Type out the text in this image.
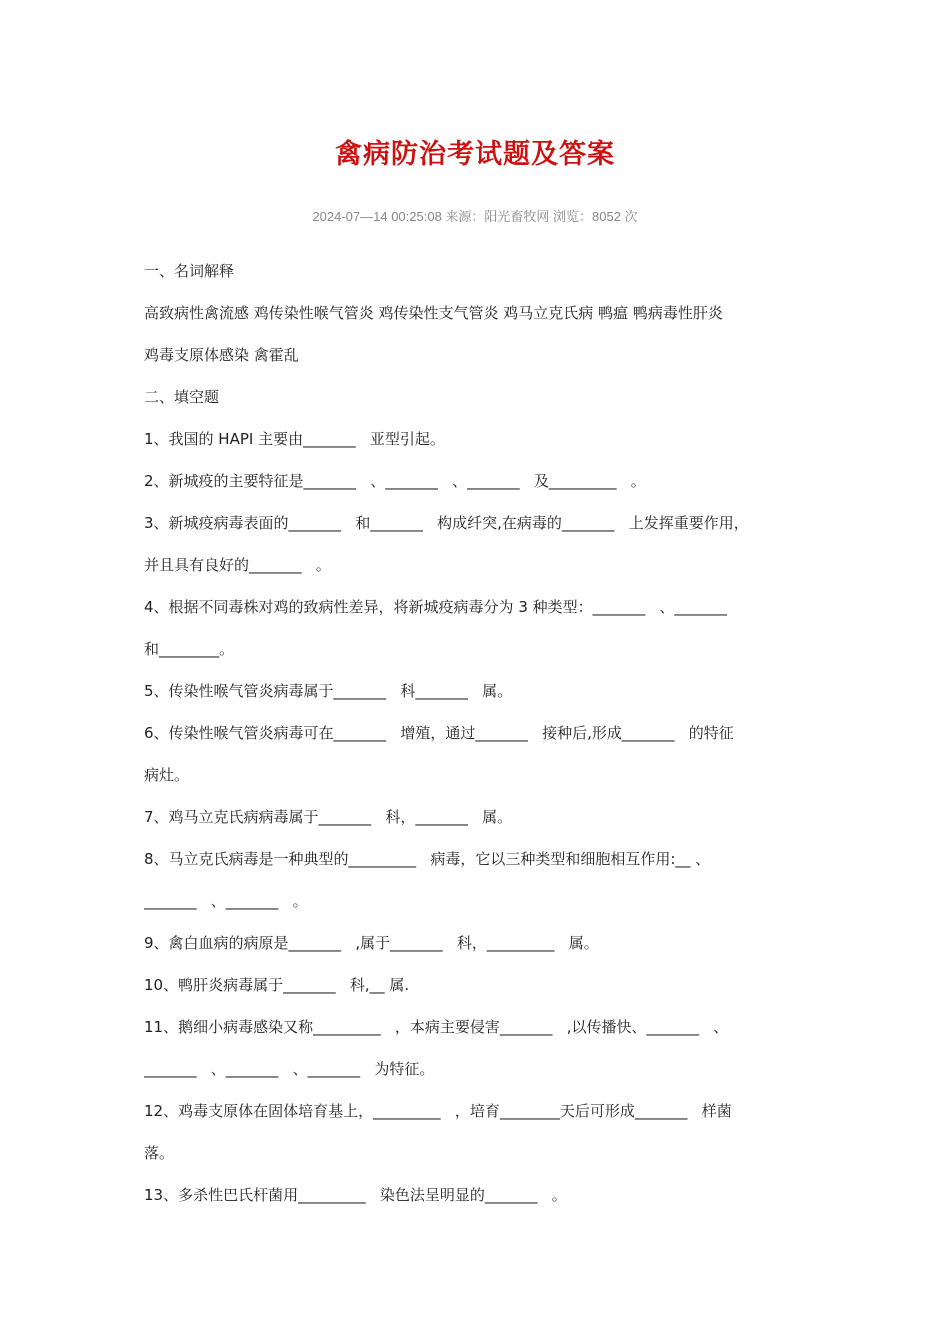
禽病防治考试题及答案
2024-07—14 00:25:08 来源：阳光畜牧网 浏览：8052 次
一、名词解释
高致病性禽流感 鸡传染性喉气管炎 鸡传染性支气管炎 鸡马立克氏病 鸭瘟 鸭病毒性肝炎
鸡毒支原体感染 禽霍乱
二、填空题
1、我国的 HAPI 主要由_______   亚型引起。
2、新城疫的主要特征是_______   、_______   、_______   及_________   。
3、新城疫病毒表面的_______   和_______   构成纤突,在病毒的_______   上发挥重要作用，
并且具有良好的_______   。
4、根据不同毒株对鸡的致病性差异，将新城疫病毒分为 3 种类型：_______   、_______
和________。
5、传染性喉气管炎病毒属于_______   科_______   属。
6、传染性喉气管炎病毒可在_______   增殖，通过_______   接种后,形成_______   的特征
病灶。
7、鸡马立克氏病病毒属于_______   科，_______   属。
8、马立克氏病毒是一种典型的_________   病毒，它以三种类型和细胞相互作用:__ 、
_______   、_______   。
9、禽白血病的病原是_______   ,属于_______   科，_________   属。
10、鸭肝炎病毒属于_______   科,__ 属.
11、鹅细小病毒感染又称_________   ，本病主要侵害_______   ,以传播快、_______   、
_______   、_______   、_______   为特征。
12、鸡毒支原体在固体培育基上，_________   ，培育________天后可形成_______   样菌
落。
13、多杀性巴氏杆菌用_________   染色法呈明显的_______   。
